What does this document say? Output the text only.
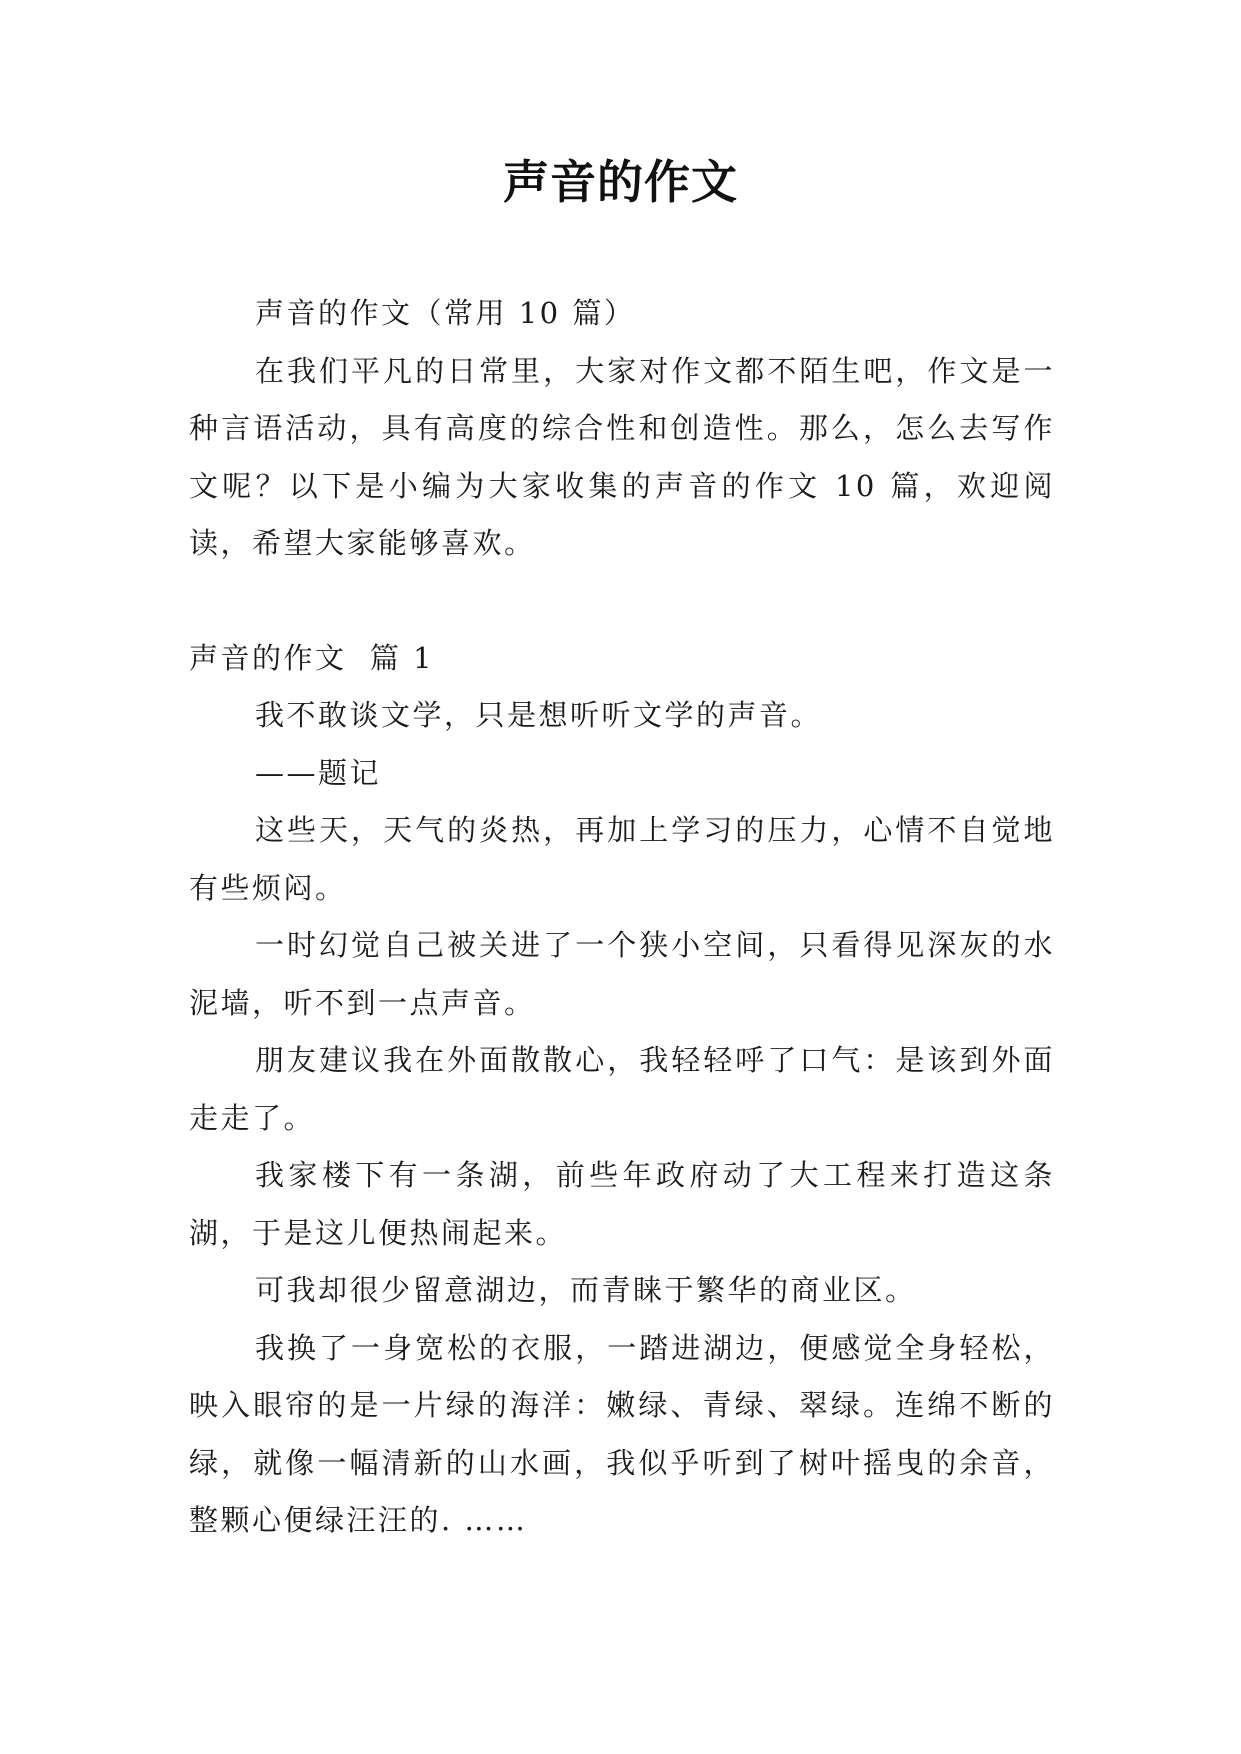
声音的作文

声音的作文（常用 10 篇）

在我们平凡的日常里，大家对作文都不陌生吧，作文是一种言语活动，具有高度的综合性和创造性。那么，怎么去写作文呢？以下是小编为大家收集的声音的作文 10 篇，欢迎阅读，希望大家能够喜欢。

声音的作文  篇 1

我不敢谈文学，只是想听听文学的声音。

——题记

这些天，天气的炎热，再加上学习的压力，心情不自觉地有些烦闷。

一时幻觉自己被关进了一个狭小空间，只看得见深灰的水泥墙，听不到一点声音。

朋友建议我在外面散散心，我轻轻呼了口气：是该到外面走走了。

我家楼下有一条湖，前些年政府动了大工程来打造这条湖，于是这儿便热闹起来。

可我却很少留意湖边，而青睐于繁华的商业区。

我换了一身宽松的衣服，一踏进湖边，便感觉全身轻松，映入眼帘的是一片绿的海洋：嫩绿、青绿、翠绿。连绵不断的绿，就像一幅清新的山水画，我似乎听到了树叶摇曳的余音，整颗心便绿汪汪的. ……
